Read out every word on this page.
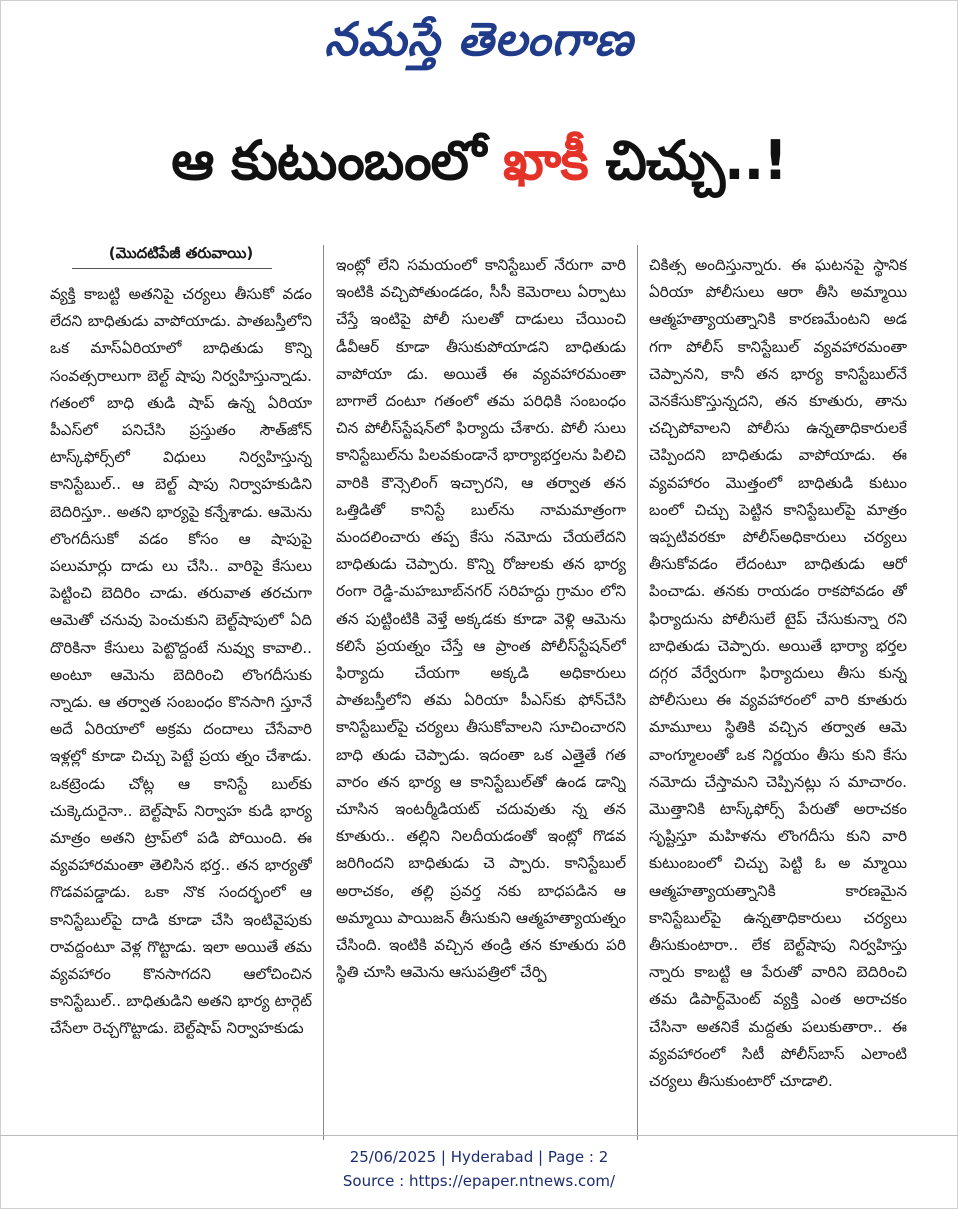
నమస్తే తెలంగాణ
ఆ కుటుంబంలో ఖాకీ చిచ్చు..!
(మొదటిపేజీ తరువాయి)
వ్యక్తి కాబట్టి అతనిపై చర్యలు తీసుకో వడం లేదని బాధితుడు వాపోయాడు. పాతబస్తీలోని ఒక మాస్‌ఏరియాలో బాధితుడు కొన్ని సంవత్సరాలుగా బెల్ట్ షాపు నిర్వహిస్తున్నాడు. గతంలో బాధి తుడి షాప్ ఉన్న ఏరియా పీఎస్‌లో పనిచేసి ప్రస్తుతం సౌత్‌జోన్ టాస్క్‌ఫోర్స్‌లో విధులు నిర్వహిస్తున్న కానిస్టేబుల్.. ఆ బెల్ట్ షాపు నిర్వాహకుడిని బెదిరిస్తూ.. అతని భార్యపై కన్నేశాడు. ఆమెను లొంగదీసుకో వడం కోసం ఆ షాపుపై పలుమార్లు దాడు లు చేసి.. వారిపై కేసులు పెట్టించి బెదిరిం చాడు. తరువాత తరచుగా ఆమెతో చనువు పెంచుకుని బెల్ట్‌షాపులో ఏది దొరికినా కేసులు పెట్టొద్దంటే నువ్వు కావాలి.. అంటూ ఆమెను బెదిరించి లొంగదీసుకు న్నాడు. ఆ తర్వాత సంబంధం కొనసాగి స్తూనే అదే ఏరియాలో అక్రమ దందాలు చేసేవారి ఇళ్లల్లో కూడా చిచ్చు పెట్టే ప్రయ త్నం చేశాడు. ఒకట్రెండు చోట్ల ఆ కానిస్టే బుల్‌కు చుక్కెదురైనా.. బెల్ట్‌షాప్ నిర్వాహ కుడి భార్య మాత్రం అతని ట్రాప్‌లో పడి పోయింది. ఈ వ్యవహారమంతా తెలిసిన భర్త.. తన భార్యతో గొడవపడ్డాడు. ఒకా నొక సందర్భంలో ఆ కానిస్టేబుల్‌పై దాడి కూడా చేసి ఇంటివైపుకు రావద్దంటూ వెళ్ల గొట్టాడు. ఇలా అయితే తమ వ్యవహారం కొనసాగదని ఆలోచించిన కానిస్టేబుల్.. బాధితుడిని అతని భార్య టార్గెట్ చేసేలా రెచ్చగొట్టాడు. బెల్ట్‌షాప్ నిర్వాహకుడు
ఇంట్లో లేని సమయంలో కానిస్టేబుల్ నేరుగా వారి ఇంటికి వచ్చిపోతుండడం, సీసీ కెమెరాలు ఏర్పాటు చేస్తే ఇంటిపై పోలీ సులతో దాడులు చేయించి డీవీఆర్ కూడా తీసుకుపోయాడని బాధితుడు వాపోయా డు. అయితే ఈ వ్యవహారమంతా బాగాలే దంటూ గతంలో తమ పరిధికి సంబంధం చిన పోలీస్‌స్టేషన్‌లో ఫిర్యాదు చేశారు. పోలీ సులు కానిస్టేబుల్‌ను పిలవకుండానే భార్యాభర్తలను పిలిచి వారికి కౌన్సెలింగ్ ఇచ్చారని, ఆ తర్వాత తన ఒత్తిడితో కానిస్టే బుల్‌ను నామమాత్రంగా మందలించారు తప్ప కేసు నమోదు చేయలేదని బాధితుడు చెప్పారు. కొన్ని రోజులకు తన భార్య రంగా రెడ్డి-మహబూబ్‌నగర్ సరిహద్దు గ్రామం లోని తన పుట్టింటికి వెళ్తే అక్కడకు కూడా వెళ్లి ఆమెను కలిసే ప్రయత్నం చేస్తే ఆ ప్రాంత పోలీస్‌స్టేషన్‌లో ఫిర్యాదు చేయగా అక్కడి అధికారులు పాతబస్తీలోని తమ ఏరియా పీఎస్‌కు ఫోన్‌చేసి కానిస్టేబుల్‌పై చర్యలు తీసుకోవాలని సూచించారని బాధి తుడు చెప్పాడు. ఇదంతా ఒక ఎత్తైతే గత వారం తన భార్య ఆ కానిస్టేబుల్‌తో ఉండ డాన్ని చూసిన ఇంటర్మీడియట్ చదువుతు న్న తన కూతురు.. తల్లిని నిలదీయడంతో ఇంట్లో గొడవ జరిగిందని బాధితుడు చె ప్పారు. కానిస్టేబుల్ అరాచకం, తల్లి ప్రవర్త నకు బాధపడిన ఆ అమ్మాయి పాయిజన్ తీసుకుని ఆత్మహత్యాయత్నం చేసింది. ఇంటికి వచ్చిన తండ్రి తన కూతురు పరి స్థితి చూసి ఆమెను ఆసుపత్రిలో చేర్పి
చికిత్స అందిస్తున్నారు. ఈ ఘటనపై స్థానిక ఏరియా పోలీసులు ఆరా తీసి అమ్మాయి ఆత్మహత్యాయత్నానికి కారణమేంటని అడ గగా పోలీస్ కానిస్టేబుల్ వ్యవహారమంతా చెప్పానని, కానీ తన భార్య కానిస్టేబుల్‌నే వెనకేసుకొస్తున్నదని, తన కూతురు, తాను చచ్చిపోవాలని పోలీసు ఉన్నతాధికారులకే చెప్పిందని బాధితుడు వాపోయాడు. ఈ వ్యవహారం మొత్తంలో బాధితుడి కుటుం బంలో చిచ్చు పెట్టిన కానిస్టేబుల్‌పై మాత్రం ఇప్పటివరకూ పోలీస్‌అధికారులు చర్యలు తీసుకోవడం లేదంటూ బాధితుడు ఆరో పించాడు. తనకు రాయడం రాకపోవడం తో ఫిర్యాదును పోలీసులే టైప్ చేసుకున్నా రని బాధితుడు చెప్పారు. అయితే భార్యా భర్తల దగ్గర వేర్వేరుగా ఫిర్యాదులు తీసు కున్న పోలీసులు ఈ వ్యవహారంలో వారి కూతురు మామూలు స్థితికి వచ్చిన తర్వాత ఆమె వాంగ్మూలంతో ఒక నిర్ణయం తీసు కుని కేసు నమోదు చేస్తామని చెప్పినట్లు స మాచారం. మొత్తానికి టాస్క్‌ఫోర్స్ పేరుతో అరాచకం సృష్టిస్తూ మహిళను లొంగదీసు కుని వారి కుటుంబంలో చిచ్చు పెట్టి ఓ అ మ్మాయి ఆత్మహత్యాయత్నానికి కారణమైన కానిస్టేబుల్‌పై ఉన్నతాధికారులు చర్యలు తీసుకుంటారా.. లేక బెల్ట్‌షాపు నిర్వహిస్తు న్నారు కాబట్టి ఆ పేరుతో వారిని బెదిరించి తమ డిపార్ట్‌మెంట్ వ్యక్తి ఎంత అరాచకం చేసినా అతనికే మద్దతు పలుకుతారా.. ఈ వ్యవహారంలో సిటీ పోలీస్‌బాస్ ఎలాంటి చర్యలు తీసుకుంటారో చూడాలి.
25/06/2025 | Hyderabad | Page : 2
Source : https://epaper.ntnews.com/
